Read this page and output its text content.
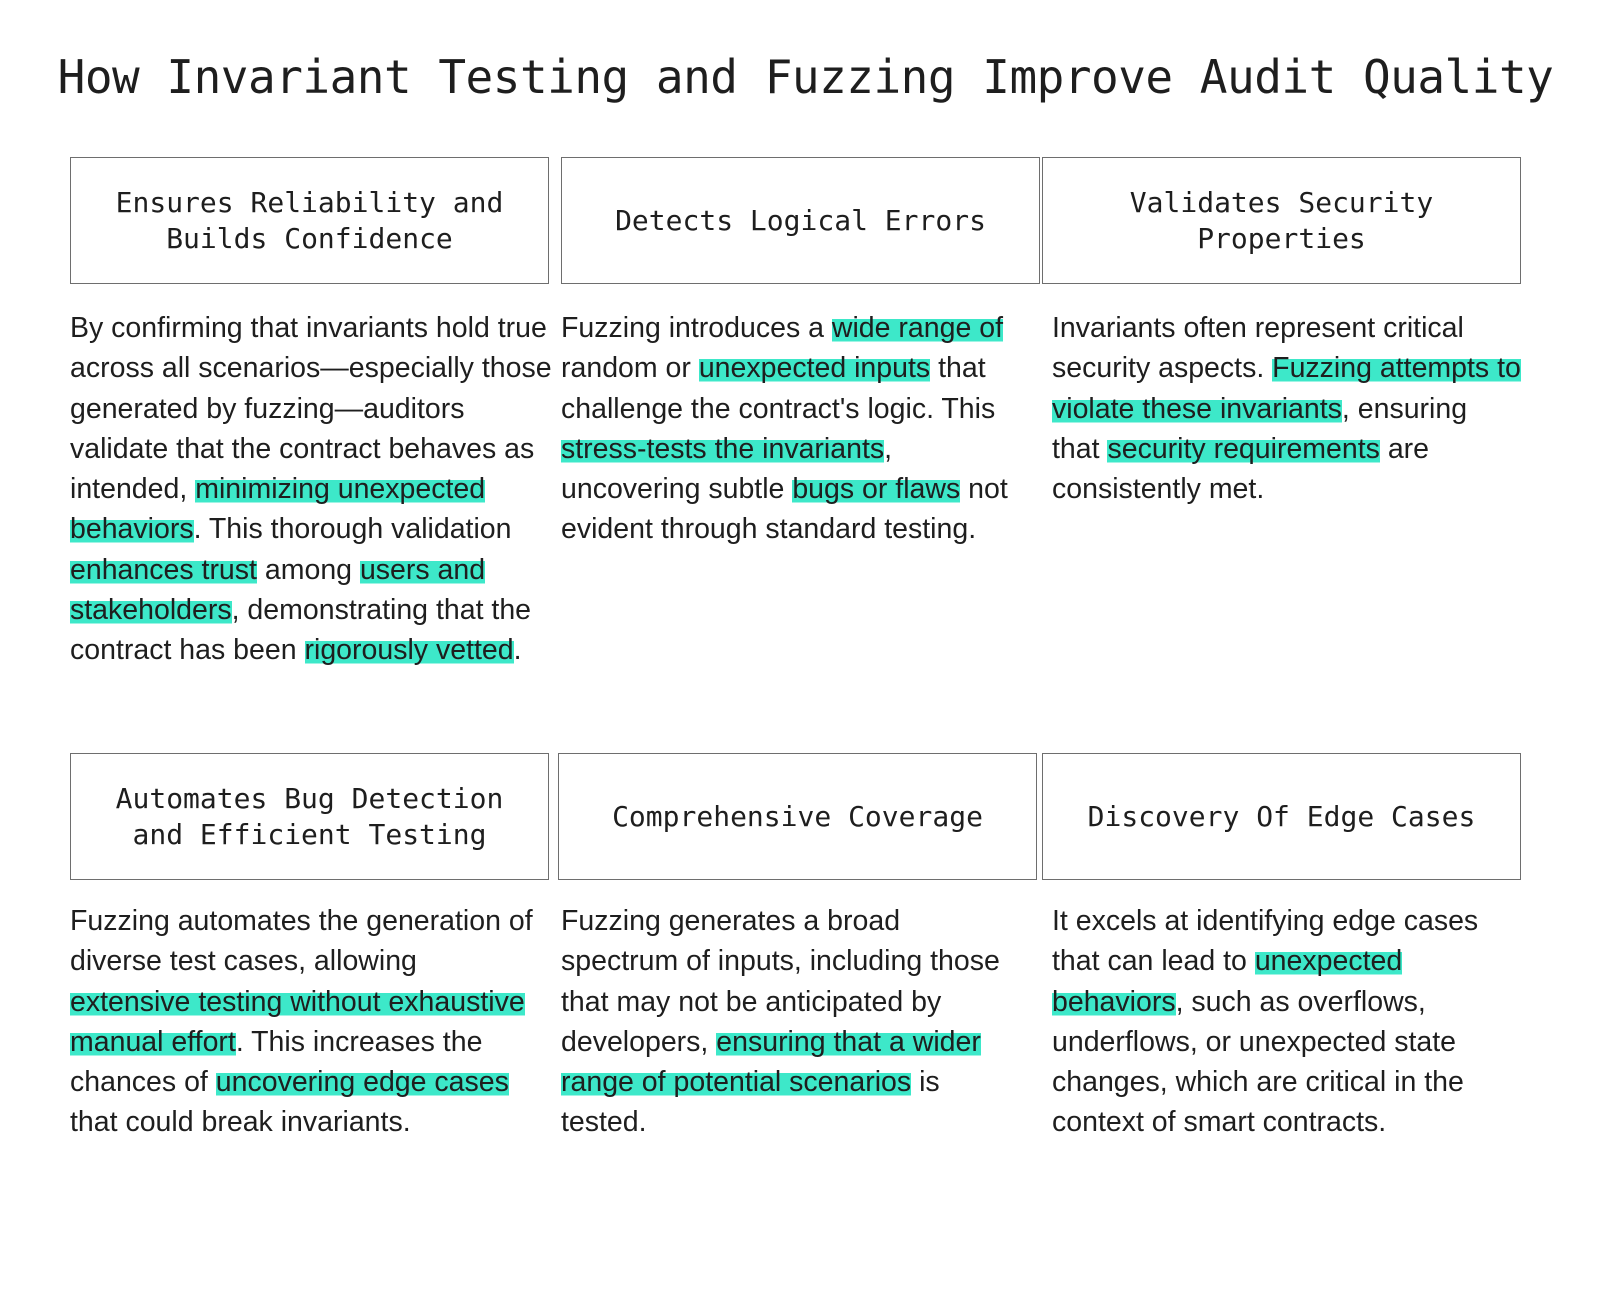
How Invariant Testing and Fuzzing Improve Audit Quality
Ensures Reliability and Builds Confidence
Detects Logical Errors
Validates Security Properties
By confirming that invariants hold true across all scenarios—especially those generated by fuzzing—auditors validate that the contract behaves as intended, minimizing unexpected behaviors. This thorough validation enhances trust among users and stakeholders, demonstrating that the contract has been rigorously vetted.
Fuzzing introduces a wide range of random or unexpected inputs that challenge the contract's logic. This stress-tests the invariants, uncovering subtle bugs or flaws not evident through standard testing.
Invariants often represent critical security aspects. Fuzzing attempts to violate these invariants, ensuring that security requirements are consistently met.
Automates Bug Detection and Efficient Testing
Comprehensive Coverage	Discovery Of Edge Cases
Fuzzing automates the generation of diverse test cases, allowing extensive testing without exhaustive manual effort. This increases the chances of uncovering edge cases that could break invariants.
Fuzzing generates a broad spectrum of inputs, including those that may not be anticipated by developers, ensuring that a wider range of potential scenarios is tested.
It excels at identifying edge cases that can lead to unexpected behaviors, such as overflows, underflows, or unexpected state changes, which are critical in the context of smart contracts.
